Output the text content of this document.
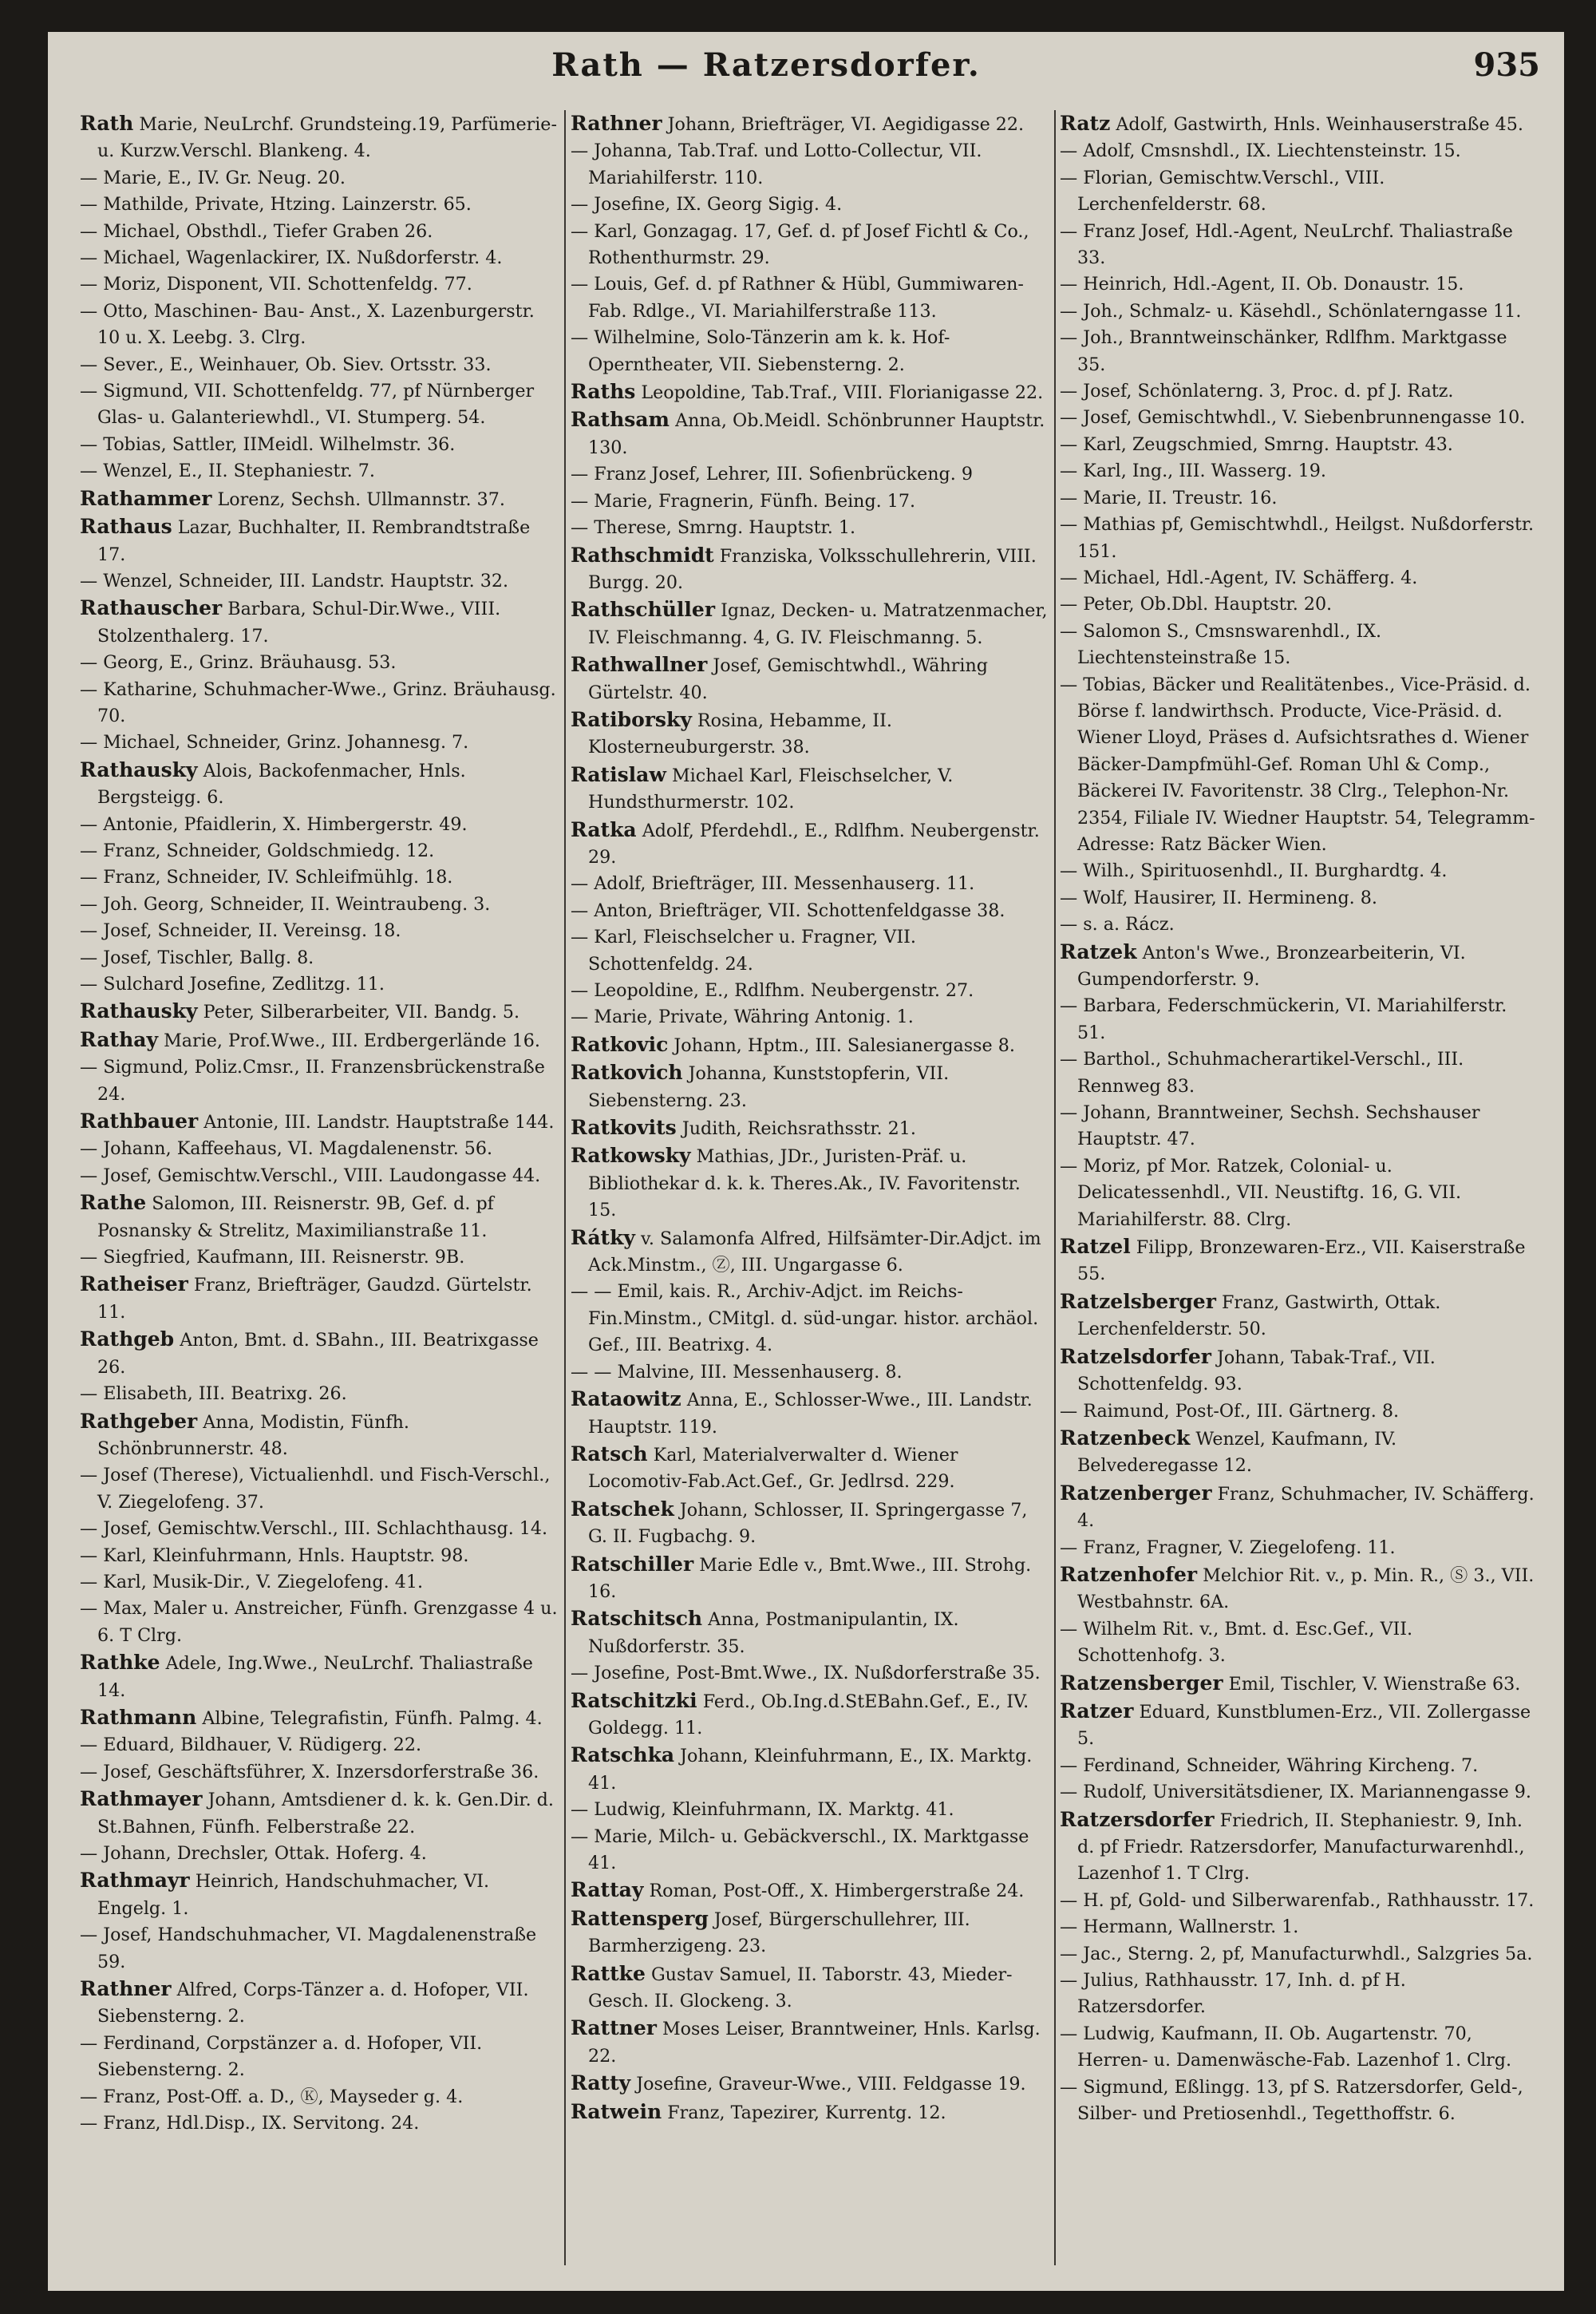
Rath — Ratzersdorfer.	935
Rath Marie, NeuLrchf. Grundsteing.19, Parfümerie- u. Kurzw.Verschl. Blankeng. 4.
— Marie, E., IV. Gr. Neug. 20.
— Mathilde, Private, Htzing. Lainzerstr. 65.
— Michael, Obsthdl., Tiefer Graben 26.
— Michael, Wagenlackirer, IX. Nußdorferstr. 4.
— Moriz, Disponent, VII. Schottenfeldg. 77.
— Otto, Maschinen- Bau- Anst., X. Lazenburgerstr. 10 u. X. Leebg. 3. Clrg.
— Sever., E., Weinhauer, Ob. Siev. Ortsstr. 33.
— Sigmund, VII. Schottenfeldg. 77, pf Nürnberger Glas- u. Galanteriewhdl., VI. Stumperg. 54.
— Tobias, Sattler, IIMeidl. Wilhelmstr. 36.
— Wenzel, E., II. Stephaniestr. 7.
Rathammer Lorenz, Sechsh. Ullmannstr. 37.
Rathaus Lazar, Buchhalter, II. Rembrandtstraße 17.
— Wenzel, Schneider, III. Landstr. Hauptstr. 32.
Rathauscher Barbara, Schul-Dir.Wwe., VIII. Stolzenthalerg. 17.
— Georg, E., Grinz. Bräuhausg. 53.
— Katharine, Schuhmacher-Wwe., Grinz. Bräuhausg. 70.
— Michael, Schneider, Grinz. Johannesg. 7.
Rathausky Alois, Backofenmacher, Hnls. Bergsteigg. 6.
— Antonie, Pfaidlerin, X. Himbergerstr. 49.
— Franz, Schneider, Goldschmiedg. 12.
— Franz, Schneider, IV. Schleifmühlg. 18.
— Joh. Georg, Schneider, II. Weintraubeng. 3.
— Josef, Schneider, II. Vereinsg. 18.
— Josef, Tischler, Ballg. 8.
— Sulchard Josefine, Zedlitzg. 11.
Rathausky Peter, Silberarbeiter, VII. Bandg. 5.
Rathay Marie, Prof.Wwe., III. Erdbergerlände 16.
— Sigmund, Poliz.Cmsr., II. Franzensbrückenstraße 24.
Rathbauer Antonie, III. Landstr. Hauptstraße 144.
— Johann, Kaffeehaus, VI. Magdalenenstr. 56.
— Josef, Gemischtw.Verschl., VIII. Laudongasse 44.
Rathe Salomon, III. Reisnerstr. 9B, Gef. d. pf Posnansky & Strelitz, Maximilianstraße 11.
— Siegfried, Kaufmann, III. Reisnerstr. 9B.
Ratheiser Franz, Briefträger, Gaudzd. Gürtelstr. 11.
Rathgeb Anton, Bmt. d. SBahn., III. Beatrixgasse 26.
— Elisabeth, III. Beatrixg. 26.
Rathgeber Anna, Modistin, Fünfh. Schönbrunnerstr. 48.
— Josef (Therese), Victualienhdl. und Fisch-Verschl., V. Ziegelofeng. 37.
— Josef, Gemischtw.Verschl., III. Schlachthausg. 14.
— Karl, Kleinfuhrmann, Hnls. Hauptstr. 98.
— Karl, Musik-Dir., V. Ziegelofeng. 41.
— Max, Maler u. Anstreicher, Fünfh. Grenzgasse 4 u. 6. T Clrg.
Rathke Adele, Ing.Wwe., NeuLrchf. Thaliastraße 14.
Rathmann Albine, Telegrafistin, Fünfh. Palmg. 4.
— Eduard, Bildhauer, V. Rüdigerg. 22.
— Josef, Geschäftsführer, X. Inzersdorferstraße 36.
Rathmayer Johann, Amtsdiener d. k. k. Gen.Dir. d. St.Bahnen, Fünfh. Felberstraße 22.
— Johann, Drechsler, Ottak. Hoferg. 4.
Rathmayr Heinrich, Handschuhmacher, VI. Engelg. 1.
— Josef, Handschuhmacher, VI. Magdalenenstraße 59.
Rathner Alfred, Corps-Tänzer a. d. Hofoper, VII. Siebensterng. 2.
— Ferdinand, Corpstänzer a. d. Hofoper, VII. Siebensterng. 2.
— Franz, Post-Off. a. D., Ⓚ, Mayseder g. 4.
— Franz, Hdl.Disp., IX. Servitong. 24.
Rathner Johann, Briefträger, VI. Aegidigasse 22.
— Johanna, Tab.Traf. und Lotto-Collectur, VII. Mariahilferstr. 110.
— Josefine, IX. Georg Sigig. 4.
— Karl, Gonzagag. 17, Gef. d. pf Josef Fichtl & Co., Rothenthurmstr. 29.
— Louis, Gef. d. pf Rathner & Hübl, Gummiwaren-Fab. Rdlge., VI. Mariahilferstraße 113.
— Wilhelmine, Solo-Tänzerin am k. k. Hof-Operntheater, VII. Siebensterng. 2.
Raths Leopoldine, Tab.Traf., VIII. Florianigasse 22.
Rathsam Anna, Ob.Meidl. Schönbrunner Hauptstr. 130.
— Franz Josef, Lehrer, III. Sofienbrückeng. 9
— Marie, Fragnerin, Fünfh. Being. 17.
— Therese, Smrng. Hauptstr. 1.
Rathschmidt Franziska, Volksschullehrerin, VIII. Burgg. 20.
Rathschüller Ignaz, Decken- u. Matratzenmacher, IV. Fleischmanng. 4, G. IV. Fleischmanng. 5.
Rathwallner Josef, Gemischtwhdl., Währing Gürtelstr. 40.
Ratiborsky Rosina, Hebamme, II. Klosterneuburgerstr. 38.
Ratislaw Michael Karl, Fleischselcher, V. Hundsthurmerstr. 102.
Ratka Adolf, Pferdehdl., E., Rdlfhm. Neubergenstr. 29.
— Adolf, Briefträger, III. Messenhauserg. 11.
— Anton, Briefträger, VII. Schottenfeldgasse 38.
— Karl, Fleischselcher u. Fragner, VII. Schottenfeldg. 24.
— Leopoldine, E., Rdlfhm. Neubergenstr. 27.
— Marie, Private, Währing Antonig. 1.
Ratkovic Johann, Hptm., III. Salesianergasse 8.
Ratkovich Johanna, Kunststopferin, VII. Siebensterng. 23.
Ratkovits Judith, Reichsrathsstr. 21.
Ratkowsky Mathias, JDr., Juristen-Präf. u. Bibliothekar d. k. k. Theres.Ak., IV. Favoritenstr. 15.
Rátky v. Salamonfa Alfred, Hilfsämter-Dir.Adjct. im Ack.Minstm., Ⓩ, III. Ungargasse 6.
— — Emil, kais. R., Archiv-Adjct. im Reichs-Fin.Minstm., CMitgl. d. süd-ungar. histor. archäol. Gef., III. Beatrixg. 4.
— — Malvine, III. Messenhauserg. 8.
Rataowitz Anna, E., Schlosser-Wwe., III. Landstr. Hauptstr. 119.
Ratsch Karl, Materialverwalter d. Wiener Locomotiv-Fab.Act.Gef., Gr. Jedlrsd. 229.
Ratschek Johann, Schlosser, II. Springergasse 7, G. II. Fugbachg. 9.
Ratschiller Marie Edle v., Bmt.Wwe., III. Strohg. 16.
Ratschitsch Anna, Postmanipulantin, IX. Nußdorferstr. 35.
— Josefine, Post-Bmt.Wwe., IX. Nußdorferstraße 35.
Ratschitzki Ferd., Ob.Ing.d.StEBahn.Gef., E., IV. Goldegg. 11.
Ratschka Johann, Kleinfuhrmann, E., IX. Marktg. 41.
— Ludwig, Kleinfuhrmann, IX. Marktg. 41.
— Marie, Milch- u. Gebäckverschl., IX. Marktgasse 41.
Rattay Roman, Post-Off., X. Himbergerstraße 24.
Rattensperg Josef, Bürgerschullehrer, III. Barmherzigeng. 23.
Rattke Gustav Samuel, II. Taborstr. 43, Mieder-Gesch. II. Glockeng. 3.
Rattner Moses Leiser, Branntweiner, Hnls. Karlsg. 22.
Ratty Josefine, Graveur-Wwe., VIII. Feldgasse 19.
Ratwein Franz, Tapezirer, Kurrentg. 12.
Ratz Adolf, Gastwirth, Hnls. Weinhauserstraße 45.
— Adolf, Cmsnshdl., IX. Liechtensteinstr. 15.
— Florian, Gemischtw.Verschl., VIII. Lerchenfelderstr. 68.
— Franz Josef, Hdl.-Agent, NeuLrchf. Thaliastraße 33.
— Heinrich, Hdl.-Agent, II. Ob. Donaustr. 15.
— Joh., Schmalz- u. Käsehdl., Schönlaterngasse 11.
— Joh., Branntweinschänker, Rdlfhm. Marktgasse 35.
— Josef, Schönlaterng. 3, Proc. d. pf J. Ratz.
— Josef, Gemischtwhdl., V. Siebenbrunnengasse 10.
— Karl, Zeugschmied, Smrng. Hauptstr. 43.
— Karl, Ing., III. Wasserg. 19.
— Marie, II. Treustr. 16.
— Mathias pf, Gemischtwhdl., Heilgst. Nußdorferstr. 151.
— Michael, Hdl.-Agent, IV. Schäfferg. 4.
— Peter, Ob.Dbl. Hauptstr. 20.
— Salomon S., Cmsnswarenhdl., IX. Liechtensteinstraße 15.
— Tobias, Bäcker und Realitätenbes., Vice-Präsid. d. Börse f. landwirthsch. Producte, Vice-Präsid. d. Wiener Lloyd, Präses d. Aufsichtsrathes d. Wiener Bäcker-Dampfmühl-Gef. Roman Uhl & Comp., Bäckerei IV. Favoritenstr. 38 Clrg., Telephon-Nr. 2354, Filiale IV. Wiedner Hauptstr. 54, Telegramm-Adresse: Ratz Bäcker Wien.
— Wilh., Spirituosenhdl., II. Burghardtg. 4.
— Wolf, Hausirer, II. Hermineng. 8.
— s. a. Rácz.
Ratzek Anton's Wwe., Bronzearbeiterin, VI. Gumpendorferstr. 9.
— Barbara, Federschmückerin, VI. Mariahilferstr. 51.
— Barthol., Schuhmacherartikel-Verschl., III. Rennweg 83.
— Johann, Branntweiner, Sechsh. Sechshauser Hauptstr. 47.
— Moriz, pf Mor. Ratzek, Colonial- u. Delicatessenhdl., VII. Neustiftg. 16, G. VII. Mariahilferstr. 88. Clrg.
Ratzel Filipp, Bronzewaren-Erz., VII. Kaiserstraße 55.
Ratzelsberger Franz, Gastwirth, Ottak. Lerchenfelderstr. 50.
Ratzelsdorfer Johann, Tabak-Traf., VII. Schottenfeldg. 93.
— Raimund, Post-Of., III. Gärtnerg. 8.
Ratzenbeck Wenzel, Kaufmann, IV. Belvederegasse 12.
Ratzenberger Franz, Schuhmacher, IV. Schäfferg. 4.
— Franz, Fragner, V. Ziegelofeng. 11.
Ratzenhofer Melchior Rit. v., p. Min. R., Ⓢ 3., VII. Westbahnstr. 6A.
— Wilhelm Rit. v., Bmt. d. Esc.Gef., VII. Schottenhofg. 3.
Ratzensberger Emil, Tischler, V. Wienstraße 63.
Ratzer Eduard, Kunstblumen-Erz., VII. Zollergasse 5.
— Ferdinand, Schneider, Währing Kircheng. 7.
— Rudolf, Universitätsdiener, IX. Mariannengasse 9.
Ratzersdorfer Friedrich, II. Stephaniestr. 9, Inh. d. pf Friedr. Ratzersdorfer, Manufacturwarenhdl., Lazenhof 1. T Clrg.
— H. pf, Gold- und Silberwarenfab., Rathhausstr. 17.
— Hermann, Wallnerstr. 1.
— Jac., Sterng. 2, pf, Manufacturwhdl., Salzgries 5a.
— Julius, Rathhausstr. 17, Inh. d. pf H. Ratzersdorfer.
— Ludwig, Kaufmann, II. Ob. Augartenstr. 70, Herren- u. Damenwäsche-Fab. Lazenhof 1. Clrg.
— Sigmund, Eßlingg. 13, pf S. Ratzersdorfer, Geld-, Silber- und Pretiosenhdl., Tegetthoffstr. 6.
